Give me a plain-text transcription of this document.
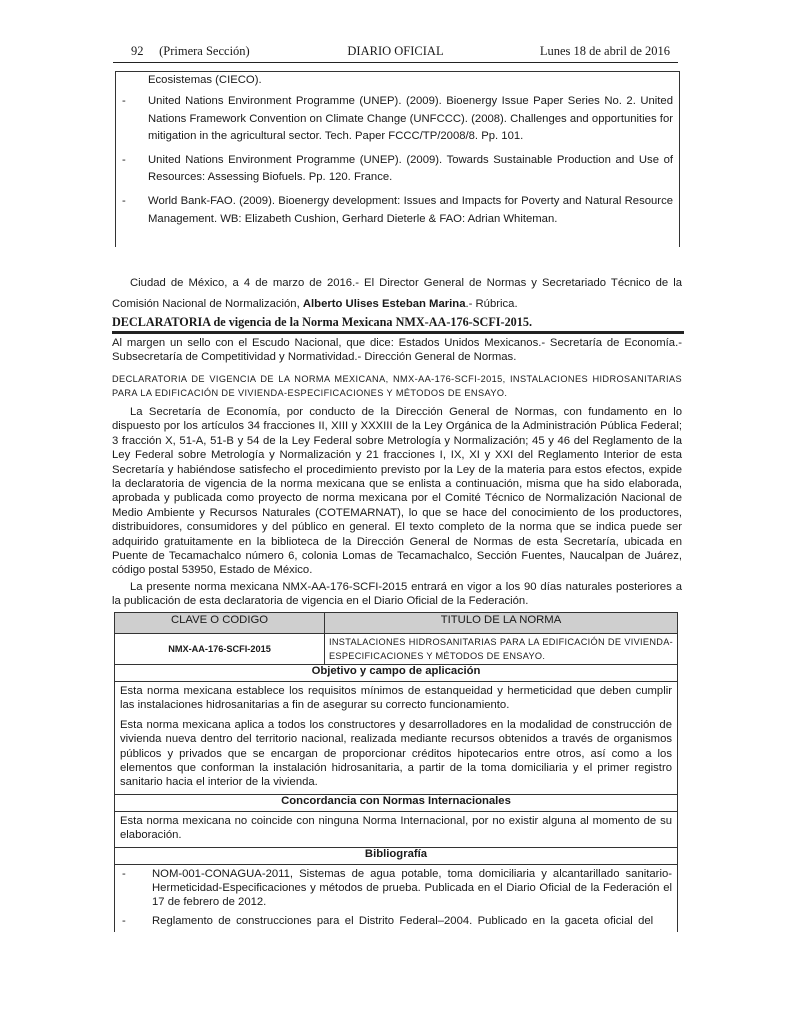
92     (Primera Sección)	DIARIO OFICIAL	Lunes 18 de abril de 2016
Ecosistemas (CIECO).
- United Nations Environment Programme (UNEP). (2009). Bioenergy Issue Paper Series No. 2. United Nations Framework Convention on Climate Change (UNFCCC). (2008). Challenges and opportunities for mitigation in the agricultural sector. Tech. Paper FCCC/TP/2008/8. Pp. 101.
- United Nations Environment Programme (UNEP). (2009). Towards Sustainable Production and Use of Resources: Assessing Biofuels. Pp. 120. France.
- World Bank-FAO. (2009). Bioenergy development: Issues and Impacts for Poverty and Natural Resource Management. WB: Elizabeth Cushion, Gerhard Dieterle & FAO: Adrian Whiteman.
Ciudad de México, a 4 de marzo de 2016.- El Director General de Normas y Secretariado Técnico de la Comisión Nacional de Normalización, Alberto Ulises Esteban Marina.- Rúbrica.
DECLARATORIA de vigencia de la Norma Mexicana NMX-AA-176-SCFI-2015.
Al margen un sello con el Escudo Nacional, que dice: Estados Unidos Mexicanos.- Secretaría de Economía.- Subsecretaría de Competitividad y Normatividad.- Dirección General de Normas.
DECLARATORIA DE VIGENCIA DE LA NORMA MEXICANA, NMX-AA-176-SCFI-2015, INSTALACIONES HIDROSANITARIAS PARA LA EDIFICACIÓN DE VIVIENDA-ESPECIFICACIONES Y MÉTODOS DE ENSAYO.
La Secretaría de Economía, por conducto de la Dirección General de Normas, con fundamento en lo dispuesto por los artículos 34 fracciones II, XIII y XXXIII de la Ley Orgánica de la Administración Pública Federal; 3 fracción X, 51-A, 51-B y 54 de la Ley Federal sobre Metrología y Normalización; 45 y 46 del Reglamento de la Ley Federal sobre Metrología y Normalización y 21 fracciones I, IX, XI y XXI del Reglamento Interior de esta Secretaría y habiéndose satisfecho el procedimiento previsto por la Ley de la materia para estos efectos, expide la declaratoria de vigencia de la norma mexicana que se enlista a continuación, misma que ha sido elaborada, aprobada y publicada como proyecto de norma mexicana por el Comité Técnico de Normalización Nacional de Medio Ambiente y Recursos Naturales (COTEMARNAT), lo que se hace del conocimiento de los productores, distribuidores, consumidores y del público en general. El texto completo de la norma que se indica puede ser adquirido gratuitamente en la biblioteca de la Dirección General de Normas de esta Secretaría, ubicada en Puente de Tecamachalco número 6, colonia Lomas de Tecamachalco, Sección Fuentes, Naucalpan de Juárez, código postal 53950, Estado de México.
La presente norma mexicana NMX-AA-176-SCFI-2015 entrará en vigor a los 90 días naturales posteriores a la publicación de esta declaratoria de vigencia en el Diario Oficial de la Federación.
CLAVE O CODIGO	TITULO DE LA NORMA
NMX-AA-176-SCFI-2015	INSTALACIONES HIDROSANITARIAS PARA LA EDIFICACIÓN DE VIVIENDA-ESPECIFICACIONES Y MÉTODOS DE ENSAYO.
Objetivo y campo de aplicación	

Esta norma mexicana establece los requisitos mínimos de estanqueidad y hermeticidad que deben cumplir las instalaciones hidrosanitarias a fin de asegurar su correcto funcionamiento.

Esta norma mexicana aplica a todos los constructores y desarrolladores en la modalidad de construcción de vivienda nueva dentro del territorio nacional, realizada mediante recursos obtenidos a través de organismos públicos y privados que se encargan de proporcionar créditos hipotecarios entre otros, así como a los elementos que conforman la instalación hidrosanitaria, a partir de la toma domiciliaria y el primer registro sanitario hacia el interior de la vivienda.	

Concordancia con Normas Internacionales	

Esta norma mexicana no coincide con ninguna Norma Internacional, por no existir alguna al momento de su elaboración.	

Bibliografía	

- NOM-001-CONAGUA-2011, Sistemas de agua potable, toma domiciliaria y alcantarillado sanitario-Hermeticidad-Especificaciones y métodos de prueba. Publicada en el Diario Oficial de la Federación el 17 de febrero de 2012.
- Reglamento de construcciones para el Distrito Federal–2004. Publicado en la gaceta oficial del	
